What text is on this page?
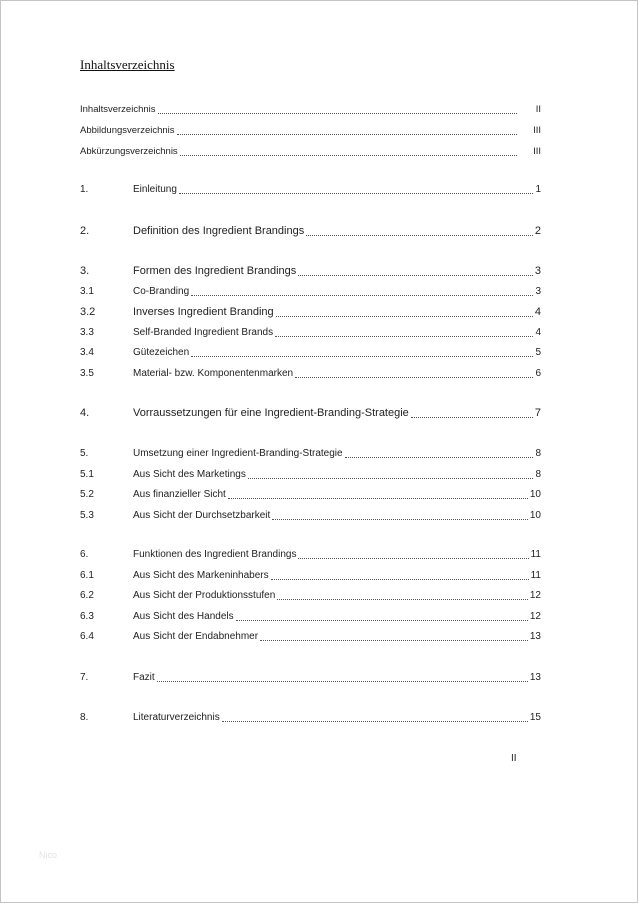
Inhaltsverzeichnis
Inhaltsverzeichnis	II
Abbildungsverzeichnis	III
Abkürzungsverzeichnis	III
1.	Einleitung	1
2.	Definition des Ingredient Brandings	2
3.	Formen des Ingredient Brandings	3
3.1	Co-Branding	3
3.2	Inverses Ingredient Branding	4
3.3	Self-Branded Ingredient Brands	4
3.4	Gütezeichen	5
3.5	Material- bzw. Komponentenmarken	6
4.	Vorraussetzungen für eine Ingredient-Branding-Strategie	7
5.	Umsetzung einer Ingredient-Branding-Strategie	8
5.1	Aus Sicht des Marketings	8
5.2	Aus finanzieller Sicht	10
5.3	Aus Sicht der Durchsetzbarkeit	10
6.	Funktionen des Ingredient Brandings	11
6.1	Aus Sicht des Markeninhabers	11
6.2	Aus Sicht der Produktionsstufen	12
6.3	Aus Sicht des Handels	12
6.4	Aus Sicht der Endabnehmer	13
7.	Fazit	13
8.	Literaturverzeichnis	15
II
Nico
